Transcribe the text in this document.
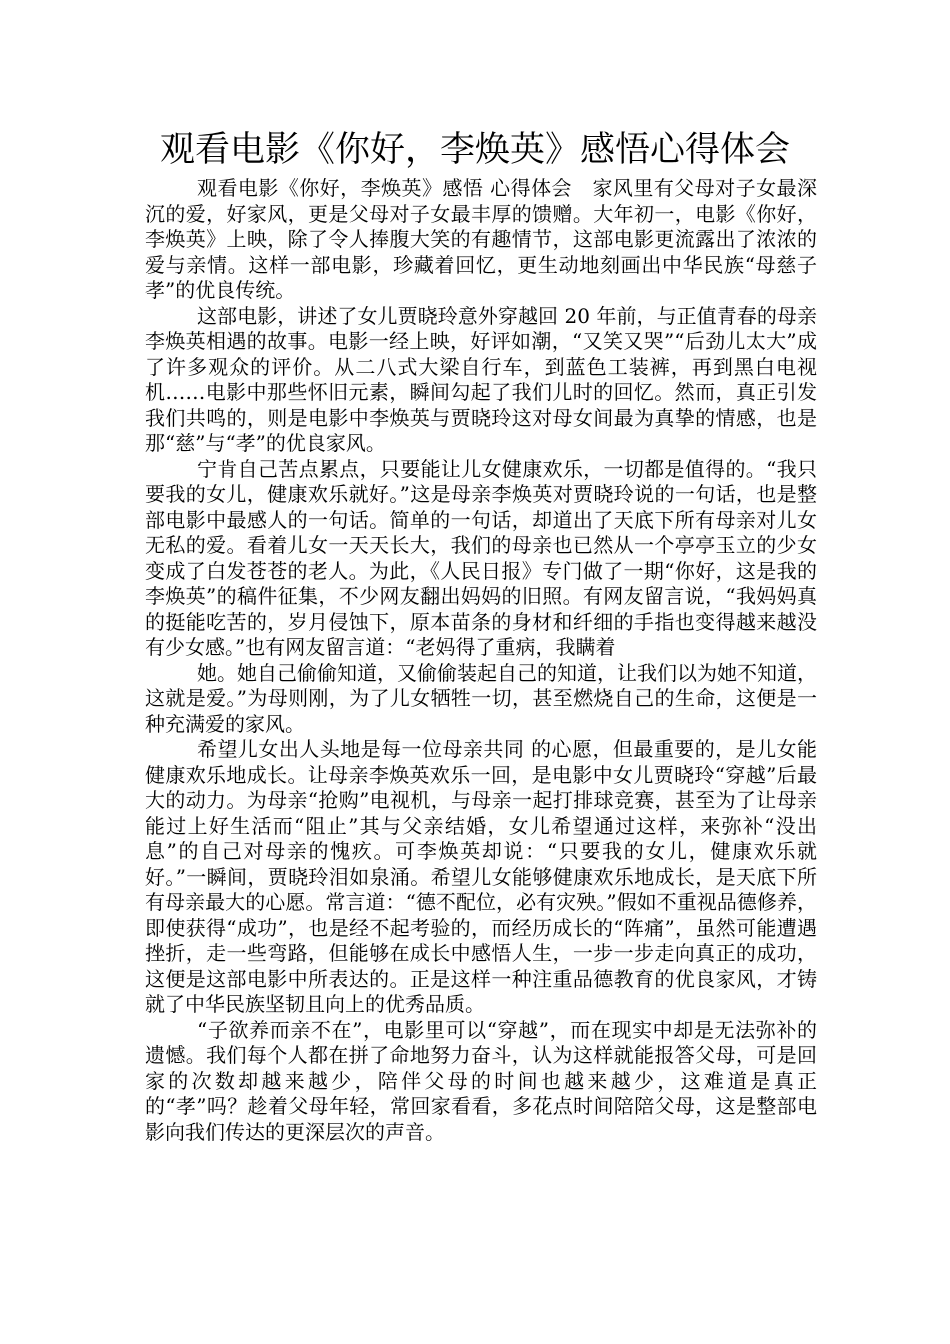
观看电影《你好，李焕英》感悟心得体会

观看电影《你好，李焕英》感悟 心得体会　家风里有父母对子女最深沉的爱，好家风，更是父母对子女最丰厚的馈赠。大年初一，电影《你好，李焕英》上映，除了令人捧腹大笑的有趣情节，这部电影更流露出了浓浓的爱与亲情。这样一部电影，珍藏着回忆，更生动地刻画出中华民族“母慈子孝”的优良传统。

这部电影，讲述了女儿贾晓玲意外穿越回 20 年前，与正值青春的母亲李焕英相遇的故事。电影一经上映，好评如潮，“又笑又哭”“后劲儿太大”成了许多观众的评价。从二八式大梁自行车，到蓝色工装裤，再到黑白电视机……电影中那些怀旧元素，瞬间勾起了我们儿时的回忆。然而，真正引发我们共鸣的，则是电影中李焕英与贾晓玲这对母女间最为真挚的情感，也是那“慈”与“孝”的优良家风。

宁肯自己苦点累点，只要能让儿女健康欢乐，一切都是值得的。“我只要我的女儿，健康欢乐就好。”这是母亲李焕英对贾晓玲说的一句话，也是整部电影中最感人的一句话。简单的一句话，却道出了天底下所有母亲对儿女无私的爱。看着儿女一天天长大，我们的母亲也已然从一个亭亭玉立的少女变成了白发苍苍的老人。为此，《人民日报》专门做了一期“你好，这是我的李焕英”的稿件征集，不少网友翻出妈妈的旧照。有网友留言说，“我妈妈真的挺能吃苦的，岁月侵蚀下，原本苗条的身材和纤细的手指也变得越来越没有少女感。”也有网友留言道：“老妈得了重病，我瞒着

她。她自己偷偷知道，又偷偷装起自己的知道，让我们以为她不知道，这就是爱。”为母则刚，为了儿女牺牲一切，甚至燃烧自己的生命，这便是一种充满爱的家风。

希望儿女出人头地是每一位母亲共同 的心愿，但最重要的，是儿女能健康欢乐地成长。让母亲李焕英欢乐一回，是电影中女儿贾晓玲“穿越”后最大的动力。为母亲“抢购”电视机，与母亲一起打排球竞赛，甚至为了让母亲能过上好生活而“阻止”其与父亲结婚，女儿希望通过这样，来弥补“没出息”的自己对母亲的愧疚。可李焕英却说：“只要我的女儿，健康欢乐就好。”一瞬间，贾晓玲泪如泉涌。希望儿女能够健康欢乐地成长，是天底下所有母亲最大的心愿。常言道：“德不配位，必有灾殃。”假如不重视品德修养，即使获得“成功”，也是经不起考验的，而经历成长的“阵痛”，虽然可能遭遇挫折，走一些弯路，但能够在成长中感悟人生，一步一步走向真正的成功，这便是这部电影中所表达的。正是这样一种注重品德教育的优良家风，才铸就了中华民族坚韧且向上的优秀品质。

“子欲养而亲不在”，电影里可以“穿越”，而在现实中却是无法弥补的遗憾。我们每个人都在拼了命地努力奋斗，认为这样就能报答父母，可是回家的次数却越来越少，陪伴父母的时间也越来越少，这难道是真正的“孝”吗？趁着父母年轻，常回家看看，多花点时间陪陪父母，这是整部电影向我们传达的更深层次的声音。
